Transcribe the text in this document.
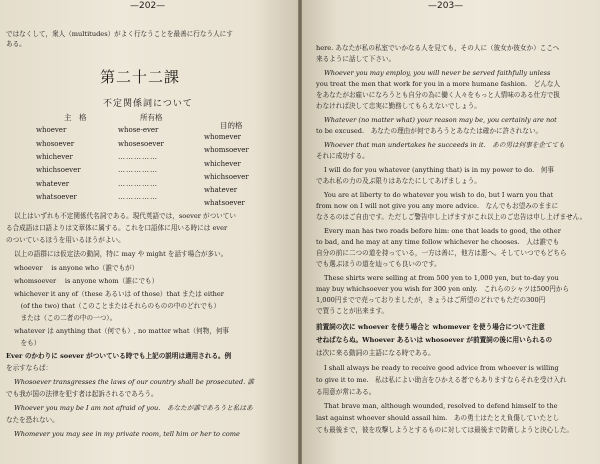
—202—
ではなくして，衆人（multitudes）がよく行なうことを最善に行なう人にす
ある。
第二十二課
不定関係詞について
主　格	所有格
目的格
whoever
whosoever
whichever
whichsoever
whatever
whatsoever
whose-ever
whosesoever
……………
……………
……………
……………
whomever
whomsoever
whichever
whichsoever
whatever
whatsoever
以上はいずれも不定関係代名詞である。現代英語では，soever がついてい
る合成語は口語よりは文章体に属する。これを口語体に用いる時には ever
のついているほうを用いるほうがよい。
以上の語群には仮定法の動詞，特に may や might を話す場合が多い。
whoever　 is anyone who（誰でもが）
whomsoever 　is anyone whom（誰にでも）
whichever it any of（these あるいは of those）that または either
　(of the two) that（このことまたはそれらのものの中のどれでも）
　または（この二者の中の一つ）。
whatever は anything that（何でも）, no matter what（何物，何事
　をも）
Ever のかわりに soever がついている時でも上記の説明は適用される。例
を示すならば：
Whosoever transgresses the laws of our country shall be prosecuted. 誰
でも我が国の法律を犯す者は起訴されるであろう。
Whoever you may be I am not afraid of you.　あなたが誰であろうと私はあ
なたを恐れない。
Whomever you may see in my private room, tell him or her to come
—203—
here. あなたが私の私室でいかなる人を見ても，その人に（彼女か彼女か）ここへ
来るように話して下さい。
Whoever you may employ, you will never be served faithfully unless
you treat the men that work for you in a more humane fashion.　どんな人
をあなたがお雇いになろうとも自分の為に働く人々をもっと人情味のある仕方で扱
わなければ決して忠実に勤務してもらえないでしょう。
Whatever (no matter what) your reason may be, you certainly are not
to be excused.　あなたの理由が何であろうとあなたは確かに許されない。
Whoever that man undertakes he succeeds in it.　あの男は何事を企てても
それに成功する。
I will do for you whatever (anything that) is in my power to do.　何事
であれ私の力の及ぶ限りはあなたにしてあげましょう。
You are at liberty to do whatever you wish to do, but I warn you that
from now on I will not give you any more advice.　なんでもお望みのままに
なさるのはご自由です。ただしご警告申し上げますがこれ以上のご忠告は申し上げません。
Every man has two roads before him: one that leads to good, the other
to bad, and he may at any time follow whichever he chooses.　人は誰でも
自分の前に二つの道を持っている，一方は善に，他方は悪へ。そしていつでもどちら
でも選ぶほうの道を辿っても良いのです。
These shirts were selling at from 500 yen to 1,000 yen, but to-day you
may buy whichsoever you wish for 300 yen only.　これらのシャツは500円から
1,000円までで売っておりましたが，きょうはご所望のどれでもただの300円
で買うことが出来ます。
前置詞の次に whoever を使う場合と whomever を使う場合について注意
せねばならぬ。Whoever あるいは whosoever が前置詞の後に用いられるの
は次に来る動詞の主語になる時である。
I shall always be ready to receive good advice from whoever is willing
to give it to me.　私は私によい助言をひかえる者でもありますならそれを受け入れ
る用意が常にある。
That brave man, although wounded, resolved to defend himself to the
last against whoever should assail him.　あの勇士はたとえ負傷していたとし
ても最後まで，彼を攻撃しようとするものに対しては最後まで防衛しようと決心した。
